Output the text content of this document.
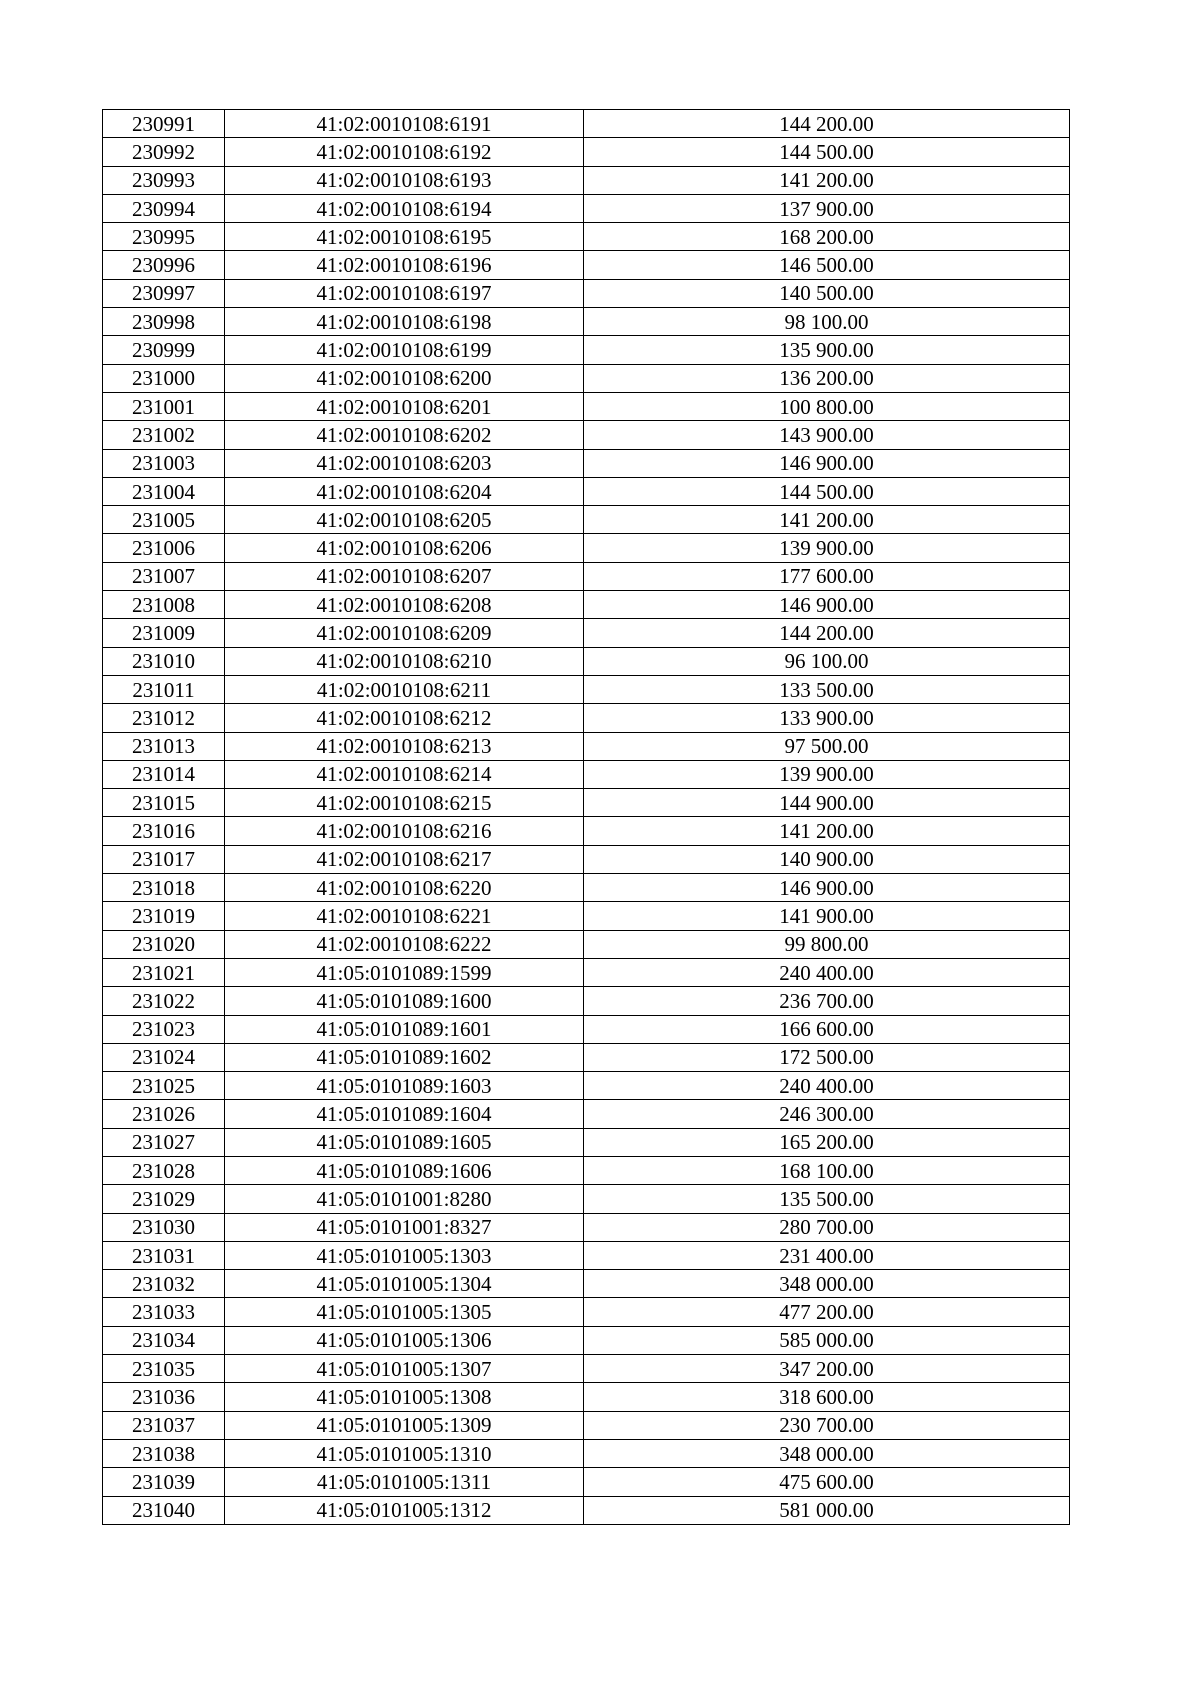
230991	41:02:0010108:6191	144 200.00
230992	41:02:0010108:6192	144 500.00
230993	41:02:0010108:6193	141 200.00
230994	41:02:0010108:6194	137 900.00
230995	41:02:0010108:6195	168 200.00
230996	41:02:0010108:6196	146 500.00
230997	41:02:0010108:6197	140 500.00
230998	41:02:0010108:6198	98 100.00
230999	41:02:0010108:6199	135 900.00
231000	41:02:0010108:6200	136 200.00
231001	41:02:0010108:6201	100 800.00
231002	41:02:0010108:6202	143 900.00
231003	41:02:0010108:6203	146 900.00
231004	41:02:0010108:6204	144 500.00
231005	41:02:0010108:6205	141 200.00
231006	41:02:0010108:6206	139 900.00
231007	41:02:0010108:6207	177 600.00
231008	41:02:0010108:6208	146 900.00
231009	41:02:0010108:6209	144 200.00
231010	41:02:0010108:6210	96 100.00
231011	41:02:0010108:6211	133 500.00
231012	41:02:0010108:6212	133 900.00
231013	41:02:0010108:6213	97 500.00
231014	41:02:0010108:6214	139 900.00
231015	41:02:0010108:6215	144 900.00
231016	41:02:0010108:6216	141 200.00
231017	41:02:0010108:6217	140 900.00
231018	41:02:0010108:6220	146 900.00
231019	41:02:0010108:6221	141 900.00
231020	41:02:0010108:6222	99 800.00
231021	41:05:0101089:1599	240 400.00
231022	41:05:0101089:1600	236 700.00
231023	41:05:0101089:1601	166 600.00
231024	41:05:0101089:1602	172 500.00
231025	41:05:0101089:1603	240 400.00
231026	41:05:0101089:1604	246 300.00
231027	41:05:0101089:1605	165 200.00
231028	41:05:0101089:1606	168 100.00
231029	41:05:0101001:8280	135 500.00
231030	41:05:0101001:8327	280 700.00
231031	41:05:0101005:1303	231 400.00
231032	41:05:0101005:1304	348 000.00
231033	41:05:0101005:1305	477 200.00
231034	41:05:0101005:1306	585 000.00
231035	41:05:0101005:1307	347 200.00
231036	41:05:0101005:1308	318 600.00
231037	41:05:0101005:1309	230 700.00
231038	41:05:0101005:1310	348 000.00
231039	41:05:0101005:1311	475 600.00
231040	41:05:0101005:1312	581 000.00
